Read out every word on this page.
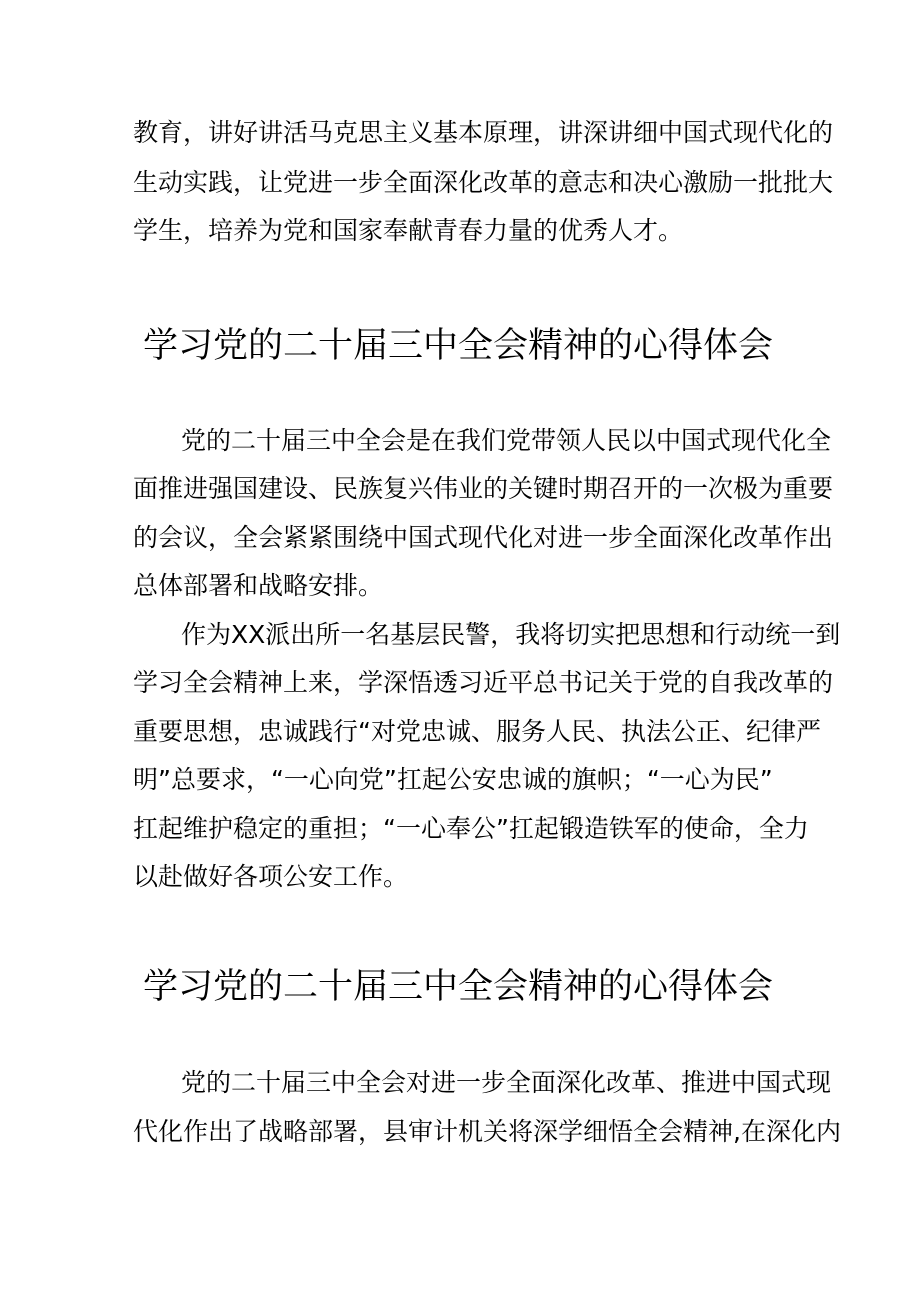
教育，讲好讲活马克思主义基本原理，讲深讲细中国式现代化的

生动实践，让党进一步全面深化改革的意志和决心激励一批批大

学生，培养为党和国家奉献青春力量的优秀人才。

学习党的二十届三中全会精神的心得体会

党的二十届三中全会是在我们党带领人民以中国式现代化全

面推进强国建设、民族复兴伟业的关键时期召开的一次极为重要

的会议，全会紧紧围绕中国式现代化对进一步全面深化改革作出

总体部署和战略安排。

作为XX派出所一名基层民警，我将切实把思想和行动统一到

学习全会精神上来，学深悟透习近平总书记关于党的自我改革的

重要思想，忠诚践行“对党忠诚、服务人民、执法公正、纪律严

明”总要求，“一心向党”扛起公安忠诚的旗帜；“一心为民”

扛起维护稳定的重担；“一心奉公”扛起锻造铁军的使命，全力

以赴做好各项公安工作。

学习党的二十届三中全会精神的心得体会

党的二十届三中全会对进一步全面深化改革、推进中国式现

代化作出了战略部署，县审计机关将深学细悟全会精神,在深化内
